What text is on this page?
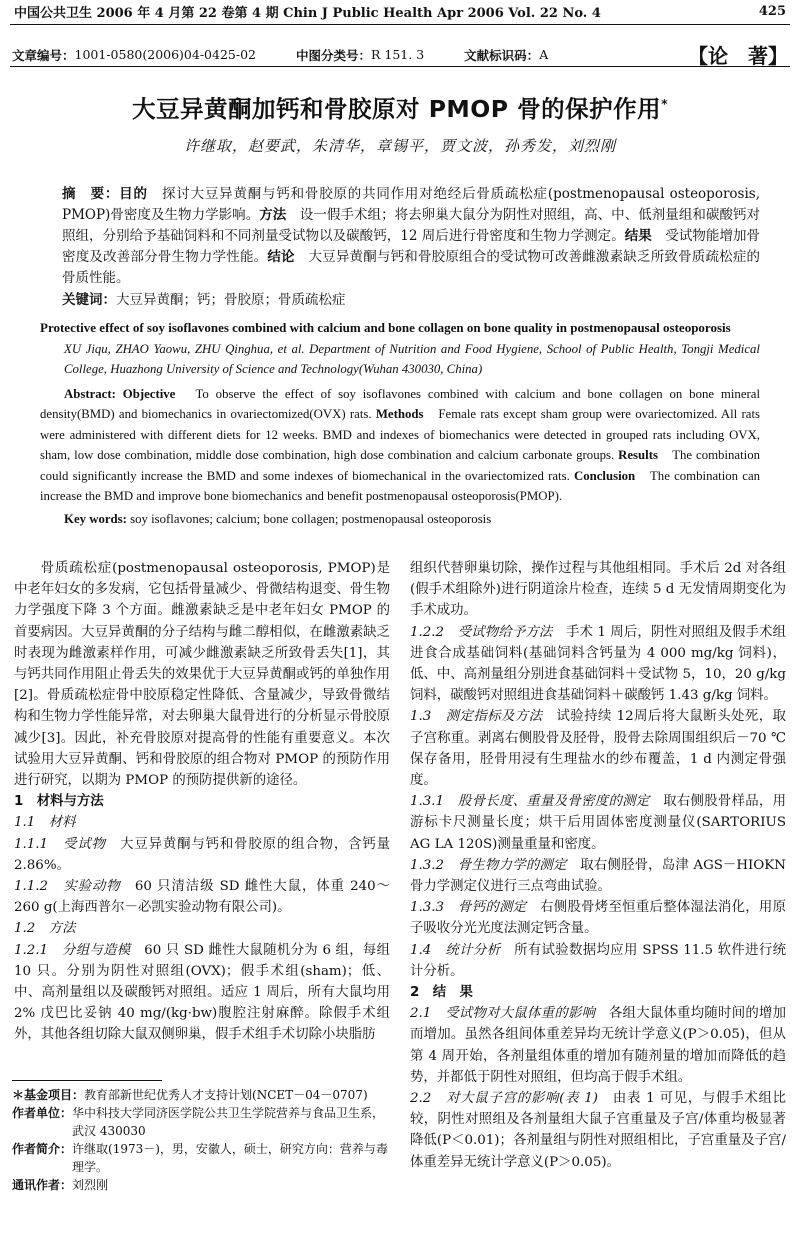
中国公共卫生 2006 年 4 月第 22 卷第 4 期 Chin J Public Health Apr 2006 Vol. 22 No. 4	425
文章编号： 1001-0580(2006)04-0425-02	中图分类号： R 151. 3	文献标识码： A	【论　著】
大豆异黄酮加钙和骨胶原对 PMOP 骨的保护作用*
许继取，赵要武，朱清华，章锡平，贾文波，孙秀发，刘烈刚
摘　要：目的　探讨大豆异黄酮与钙和骨胶原的共同作用对绝经后骨质疏松症(postmenopausal osteoporosis, PMOP)骨密度及生物力学影响。方法　设一假手术组；将去卵巢大鼠分为阴性对照组，高、中、低剂量组和碳酸钙对照组，分别给予基础饲料和不同剂量受试物以及碳酸钙，12 周后进行骨密度和生物力学测定。结果　受试物能增加骨密度及改善部分骨生物力学性能。结论　大豆异黄酮与钙和骨胶原组合的受试物可改善雌激素缺乏所致骨质疏松症的骨质性能。
关键词：大豆异黄酮；钙；骨胶原；骨质疏松症
Protective effect of soy isoflavones combined with calcium and bone collagen on bone quality in postmenopausal osteoporosis
XU Jiqu, ZHAO Yaowu, ZHU Qinghua, et al. Department of Nutrition and Food Hygiene, School of Public Health, Tongji Medical College, Huazhong University of Science and Technology(Wuhan 430030, China)
Abstract: Objective　To observe the effect of soy isoflavones combined with calcium and bone collagen on bone mineral density(BMD) and biomechanics in ovariectomized(OVX) rats. Methods　Female rats except sham group were ovariectomized. All rats were administered with different diets for 12 weeks. BMD and indexes of biomechanics were detected in grouped rats including OVX, sham, low dose combination, middle dose combination, high dose combination and calcium carbonate groups. Results　The combination could significantly increase the BMD and some indexes of biomechanical in the ovariectomized rats. Conclusion　The combination can increase the BMD and improve bone biomechanics and benefit postmenopausal osteoporosis(PMOP).
Key words: soy isoflavones; calcium; bone collagen; postmenopausal osteoporosis

骨质疏松症(postmenopausal osteoporosis, PMOP)是中老年妇女的多发病，它包括骨量减少、骨微结构退变、骨生物力学强度下降 3 个方面。雌激素缺乏是中老年妇女 PMOP 的首要病因。大豆异黄酮的分子结构与雌二醇相似，在雌激素缺乏时表现为雌激素样作用，可减少雌激素缺乏所致骨丢失[1]，其与钙共同作用阻止骨丢失的效果优于大豆异黄酮或钙的单独作用[2]。骨质疏松症骨中胶原稳定性降低、含量减少，导致骨微结构和生物力学性能异常，对去卵巢大鼠骨进行的分析显示骨胶原减少[3]。因此，补充骨胶原对提高骨的性能有重要意义。本次试验用大豆异黄酮、钙和骨胶原的组合物对 PMOP 的预防作用进行研究，以期为 PMOP 的预防提供新的途径。

1　材料与方法

1.1　材料

1.1.1　受试物　大豆异黄酮与钙和骨胶原的组合物，含钙量 2.86%。

1.1.2　实验动物　60 只清洁级 SD 雌性大鼠，体重 240～260 g(上海西普尔－必凯实验动物有限公司)。

1.2　方法

1.2.1　分组与造模　60 只 SD 雌性大鼠随机分为 6 组，每组 10 只。分别为阴性对照组(OVX)；假手术组(sham)；低、中、高剂量组以及碳酸钙对照组。适应 1 周后，所有大鼠均用 2% 戊巴比妥钠 40 mg/(kg·bw)腹腔注射麻醉。除假手术组外，其他各组切除大鼠双侧卵巢，假手术组手术切除小块脂肪

＊基金项目： 教育部新世纪优秀人才支持计划(NCET－04－0707)
作者单位： 华中科技大学同济医学院公共卫生学院营养与食品卫生系，武汉 430030
作者简介： 许继取(1973－)，男，安徽人，硕士，研究方向：营养与毒理学。
通讯作者： 刘烈刚

组织代替卵巢切除，操作过程与其他组相同。手术后 2d 对各组(假手术组除外)进行阴道涂片检查，连续 5 d 无发情周期变化为手术成功。

1.2.2　受试物给予方法　手术 1 周后，阴性对照组及假手术组进食合成基础饲料(基础饲料含钙量为 4 000 mg/kg 饲料)，低、中、高剂量组分别进食基础饲料＋受试物 5，10，20 g/kg饲料，碳酸钙对照组进食基础饲料＋碳酸钙 1.43 g/kg 饲料。

1.3　测定指标及方法　试验持续 12周后将大鼠断头处死，取子宫称重。剥离右侧股骨及胫骨，股骨去除周围组织后－70 ℃保存备用，胫骨用浸有生理盐水的纱布覆盖，1 d 内测定骨强度。

1.3.1　股骨长度、重量及骨密度的测定　取右侧股骨样品，用游标卡尺测量长度；烘干后用固体密度测量仪(SARTORIUS AG LA 120S)测量重量和密度。

1.3.2　骨生物力学的测定　取右侧胫骨，岛津 AGS－HIOKN 骨力学测定仪进行三点弯曲试验。

1.3.3　骨钙的测定　右侧股骨烤至恒重后整体湿法消化，用原子吸收分光光度法测定钙含量。

1.4　统计分析　所有试验数据均应用 SPSS 11.5 软件进行统计分析。

2　结　果

2.1　受试物对大鼠体重的影响　各组大鼠体重均随时间的增加而增加。虽然各组间体重差异均无统计学意义(P＞0.05)，但从第 4 周开始，各剂量组体重的增加有随剂量的增加而降低的趋势，并都低于阴性对照组，但均高于假手术组。

2.2　对大鼠子宫的影响(表 1)　由表 1 可见，与假手术组比较，阴性对照组及各剂量组大鼠子宫重量及子宫/体重均极显著降低(P＜0.01)；各剂量组与阴性对照组相比，子宫重量及子宫/体重差异无统计学意义(P＞0.05)。
